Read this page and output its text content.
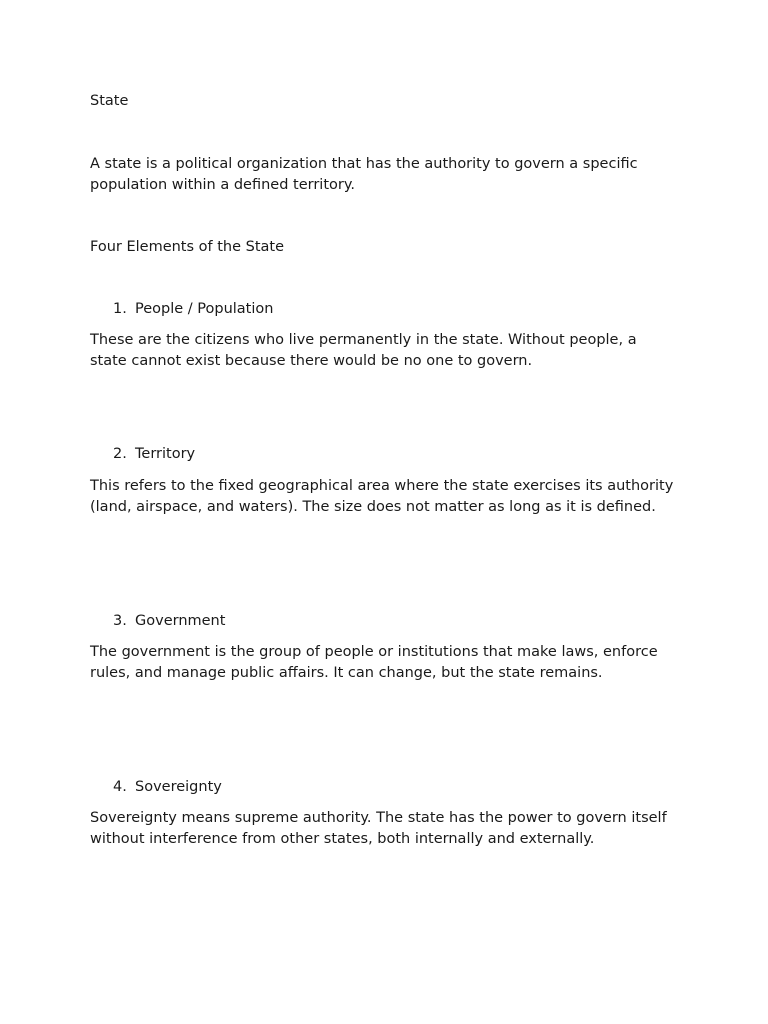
State

A state is a political organization that has the authority to govern a specific population within a defined territory.

Four Elements of the State

1. People / Population

These are the citizens who live permanently in the state. Without people, a state cannot exist because there would be no one to govern.

2. Territory

This refers to the fixed geographical area where the state exercises its authority (land, airspace, and waters). The size does not matter as long as it is defined.

3. Government

The government is the group of people or institutions that make laws, enforce rules, and manage public affairs. It can change, but the state remains.

4. Sovereignty

Sovereignty means supreme authority. The state has the power to govern itself without interference from other states, both internally and externally.
